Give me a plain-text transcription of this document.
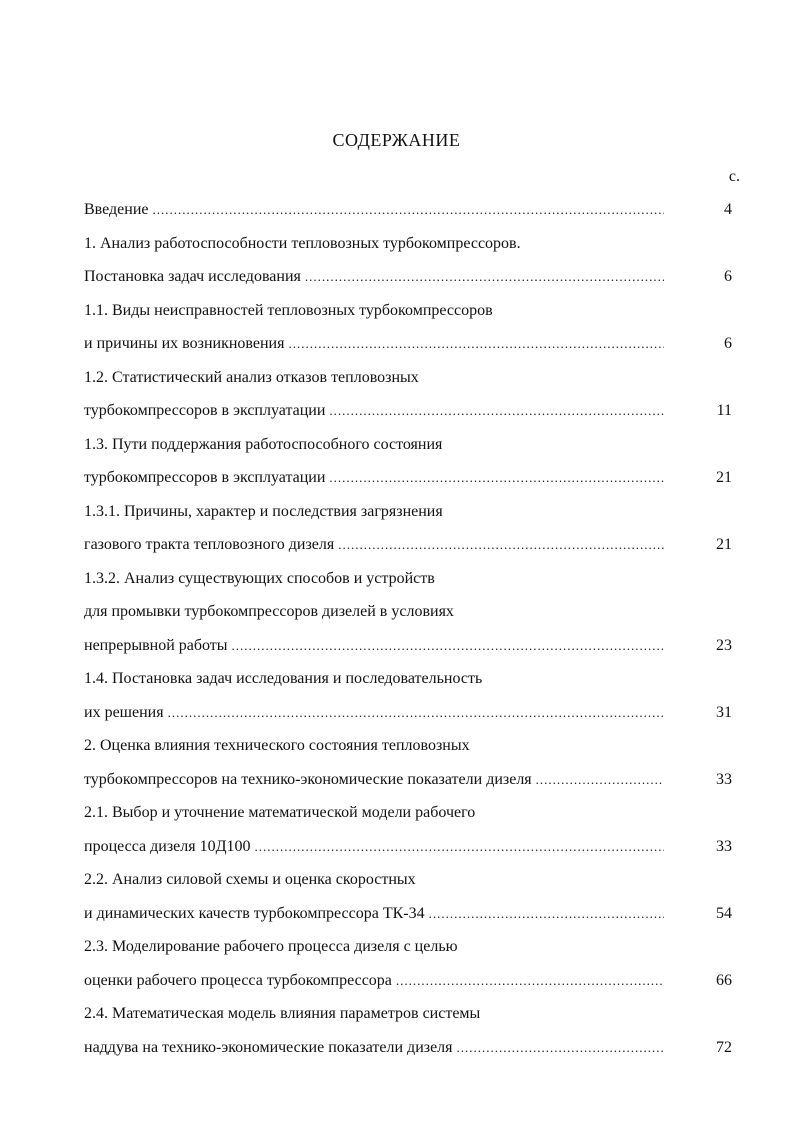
СОДЕРЖАНИЕ
с.
4
Введение
.....
1. Анализ работоспособности тепловозных турбокомпрессоров.
6
Постановка задач исследования
.....
1.1. Виды неисправностей тепловозных турбокомпрессоров
6
и причины их возникновения
.....
1.2. Статистический анализ отказов тепловозных
11
турбокомпрессоров в эксплуатации
.....
1.3. Пути поддержания работоспособного состояния
21
турбокомпрессоров в эксплуатации
.....
1.3.1. Причины, характер и последствия загрязнения
21
газового тракта тепловозного дизеля
.....
1.3.2. Анализ существующих способов и устройств
для промывки турбокомпрессоров дизелей в условиях
23
непрерывной работы
.....
1.4. Постановка задач исследования и последовательность
31
их решения
.....
2. Оценка влияния технического состояния тепловозных
33
турбокомпрессоров на технико-экономические показатели дизеля
.....
2.1. Выбор и уточнение математической модели рабочего
33
процесса дизеля 10Д100
.....
2.2. Анализ силовой схемы и оценка скоростных
54
и динамических качеств турбокомпрессора ТК-34
.....
2.3. Моделирование рабочего процесса дизеля с целью
66
оценки рабочего процесса турбокомпрессора
.....
2.4. Математическая модель влияния параметров системы
72
наддува на технико-экономические показатели дизеля
.....
